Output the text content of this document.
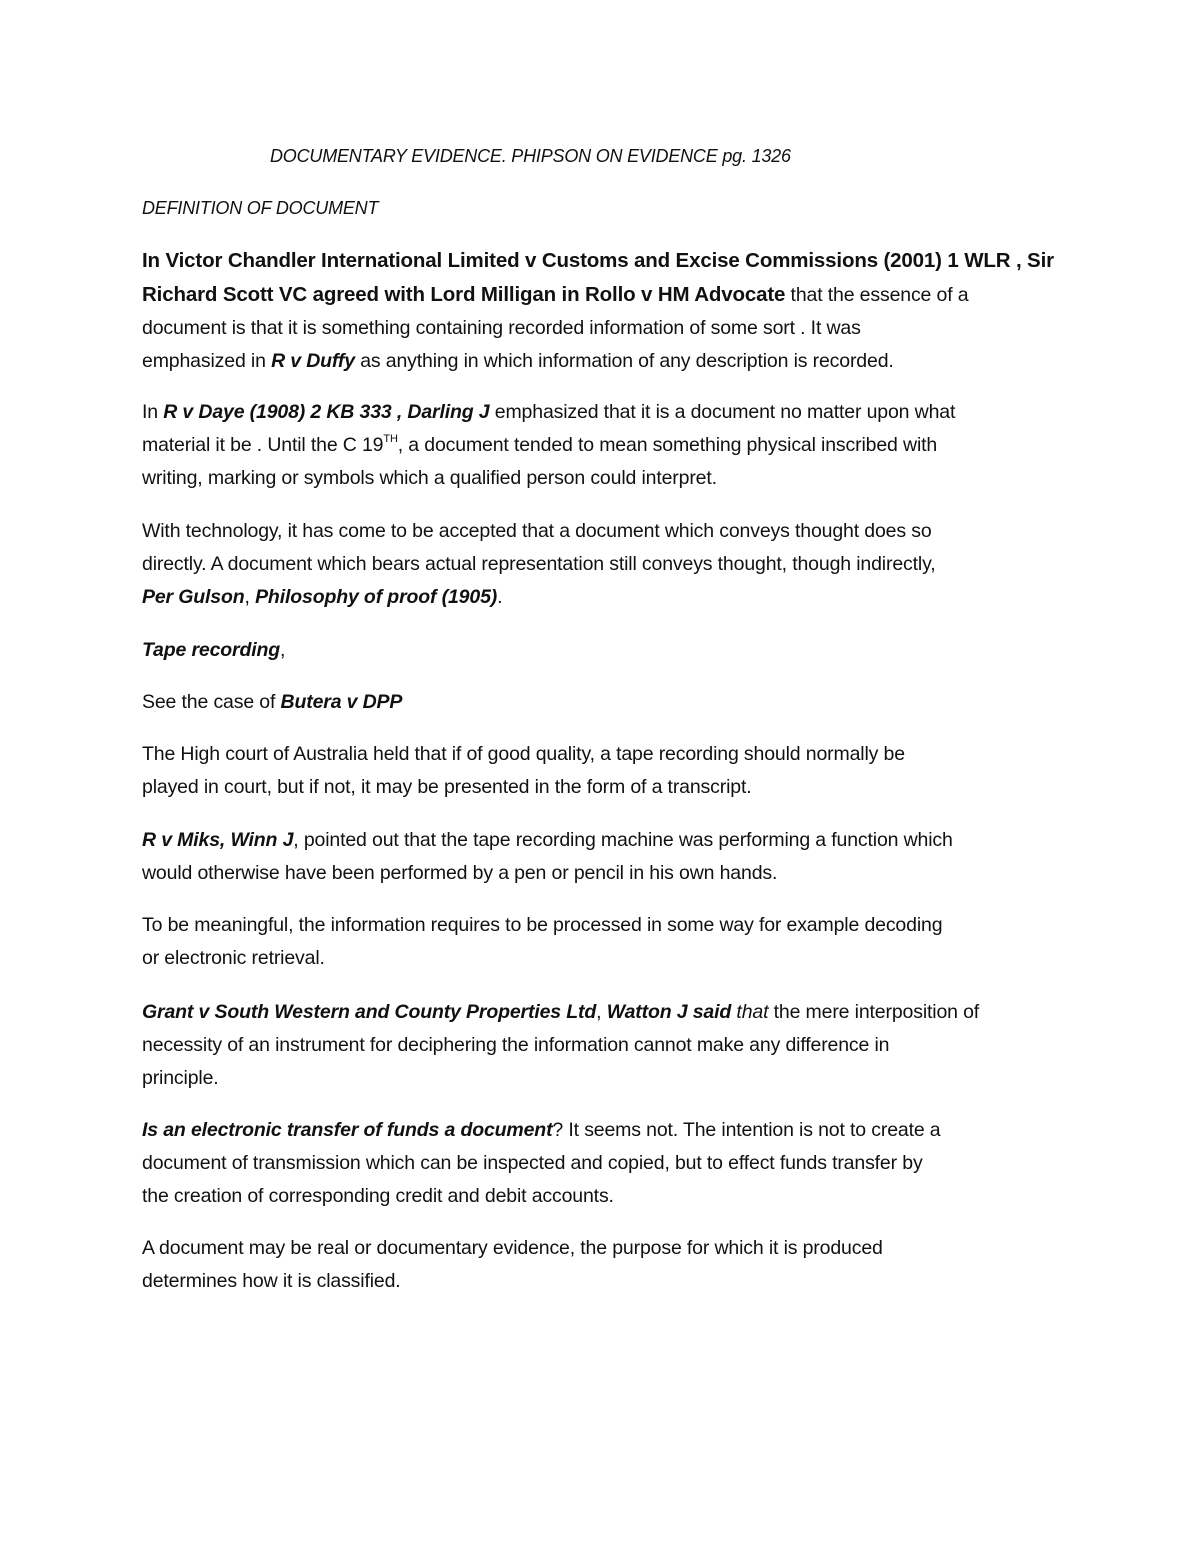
DOCUMENTARY EVIDENCE. PHIPSON ON EVIDENCE pg. 1326
DEFINITION OF DOCUMENT
In Victor Chandler International Limited v Customs and Excise Commissions (2001) 1 WLR , Sir
Richard Scott VC agreed with Lord Milligan in Rollo v HM Advocate that the essence of a
document is that it is something containing recorded information of some sort . It was
emphasized in R v Duffy as anything in which information of any description is recorded.
In R v Daye (1908) 2 KB 333 , Darling J emphasized that it is a document no matter upon what
material it be . Until the C 19TH, a document tended to mean something physical inscribed with
writing, marking or symbols which a qualified person could interpret.
With technology, it has come to be accepted that a document which conveys thought does so
directly. A document which bears actual representation still conveys thought, though indirectly,
Per Gulson, Philosophy of proof (1905).
Tape recording,
See the case of Butera v DPP
The High court of Australia held that if of good quality, a tape recording should normally be
played in court, but if not, it may be presented in the form of a transcript.
R v Miks, Winn J, pointed out that the tape recording machine was performing a function which
would otherwise have been performed by a pen or pencil in his own hands.
To be meaningful, the information requires to be processed in some way for example decoding
or electronic retrieval.
Grant v South Western and County Properties Ltd, Watton J said that the mere interposition of
necessity of an instrument for deciphering the information cannot make any difference in
principle.
Is an electronic transfer of funds a document? It seems not. The intention is not to create a
document of transmission which can be inspected and copied, but to effect funds transfer by
the creation of corresponding credit and debit accounts.
A document may be real or documentary evidence, the purpose for which it is produced
determines how it is classified.
